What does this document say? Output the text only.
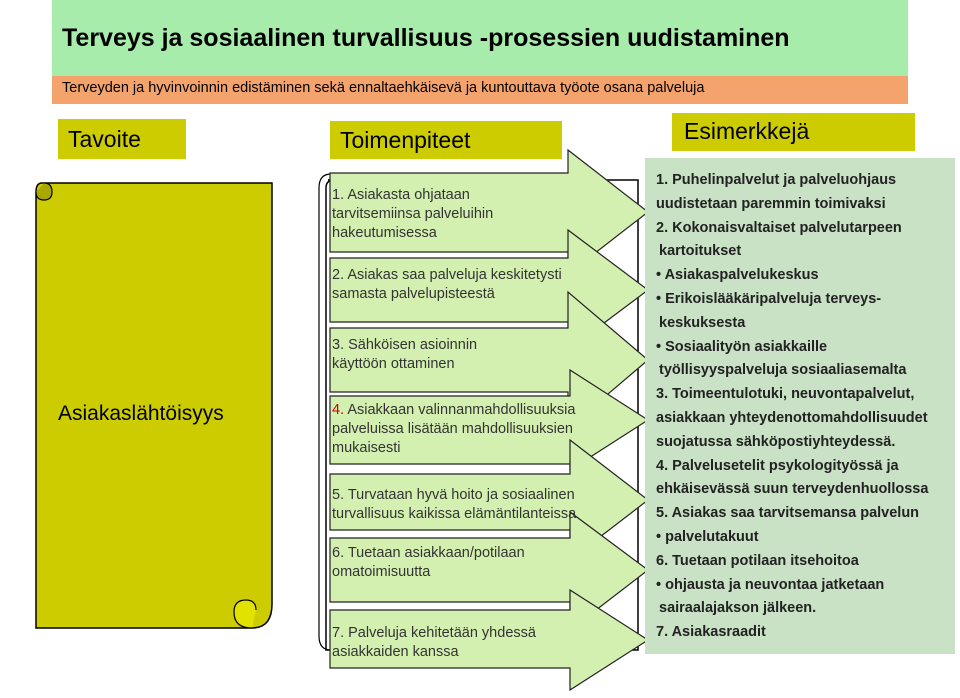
Terveys ja sosiaalinen turvallisuus -prosessien uudistaminen
Terveyden ja hyvinvoinnin edistäminen sekä ennaltaehkäisevä ja kuntouttava työote osana palveluja
Tavoite	Toimenpiteet	Esimerkkejä
Asiakaslähtöisyys
1. Asiakasta ohjataan
tarvitsemiinsa palveluihin
hakeutumisessa
2. Asiakas saa palveluja keskitetysti
samasta palvelupisteestä
3. Sähköisen asioinnin
käyttöön ottaminen
4. Asiakkaan valinnanmahdollisuuksia
palveluissa lisätään mahdollisuuksien
mukaisesti
5. Turvataan hyvä hoito ja sosiaalinen
turvallisuus kaikissa elämäntilanteissa
6. Tuetaan asiakkaan/potilaan
omatoimisuutta
7. Palveluja kehitetään yhdessä
asiakkaiden kanssa
1. Puhelinpalvelut ja palveluohjaus
uudistetaan paremmin toimivaksi
2. Kokonaisvaltaiset palvelutarpeen
kartoitukset
• Asiakaspalvelukeskus
• Erikoislääkäripalveluja terveys-
keskuksesta
• Sosiaalityön asiakkaille
työllisyyspalveluja sosiaaliasemalta
3. Toimeentulotuki, neuvontapalvelut,
asiakkaan yhteydenottomahdollisuudet
suojatussa sähköpostiyhteydessä.
4. Palvelusetelit psykologityössä ja
ehkäisevässä suun terveydenhuollossa
5. Asiakas saa tarvitsemansa palvelun
• palvelutakuut
6. Tuetaan potilaan itsehoitoa
• ohjausta ja neuvontaa jatketaan
sairaalajakson jälkeen.
7. Asiakasraadit
